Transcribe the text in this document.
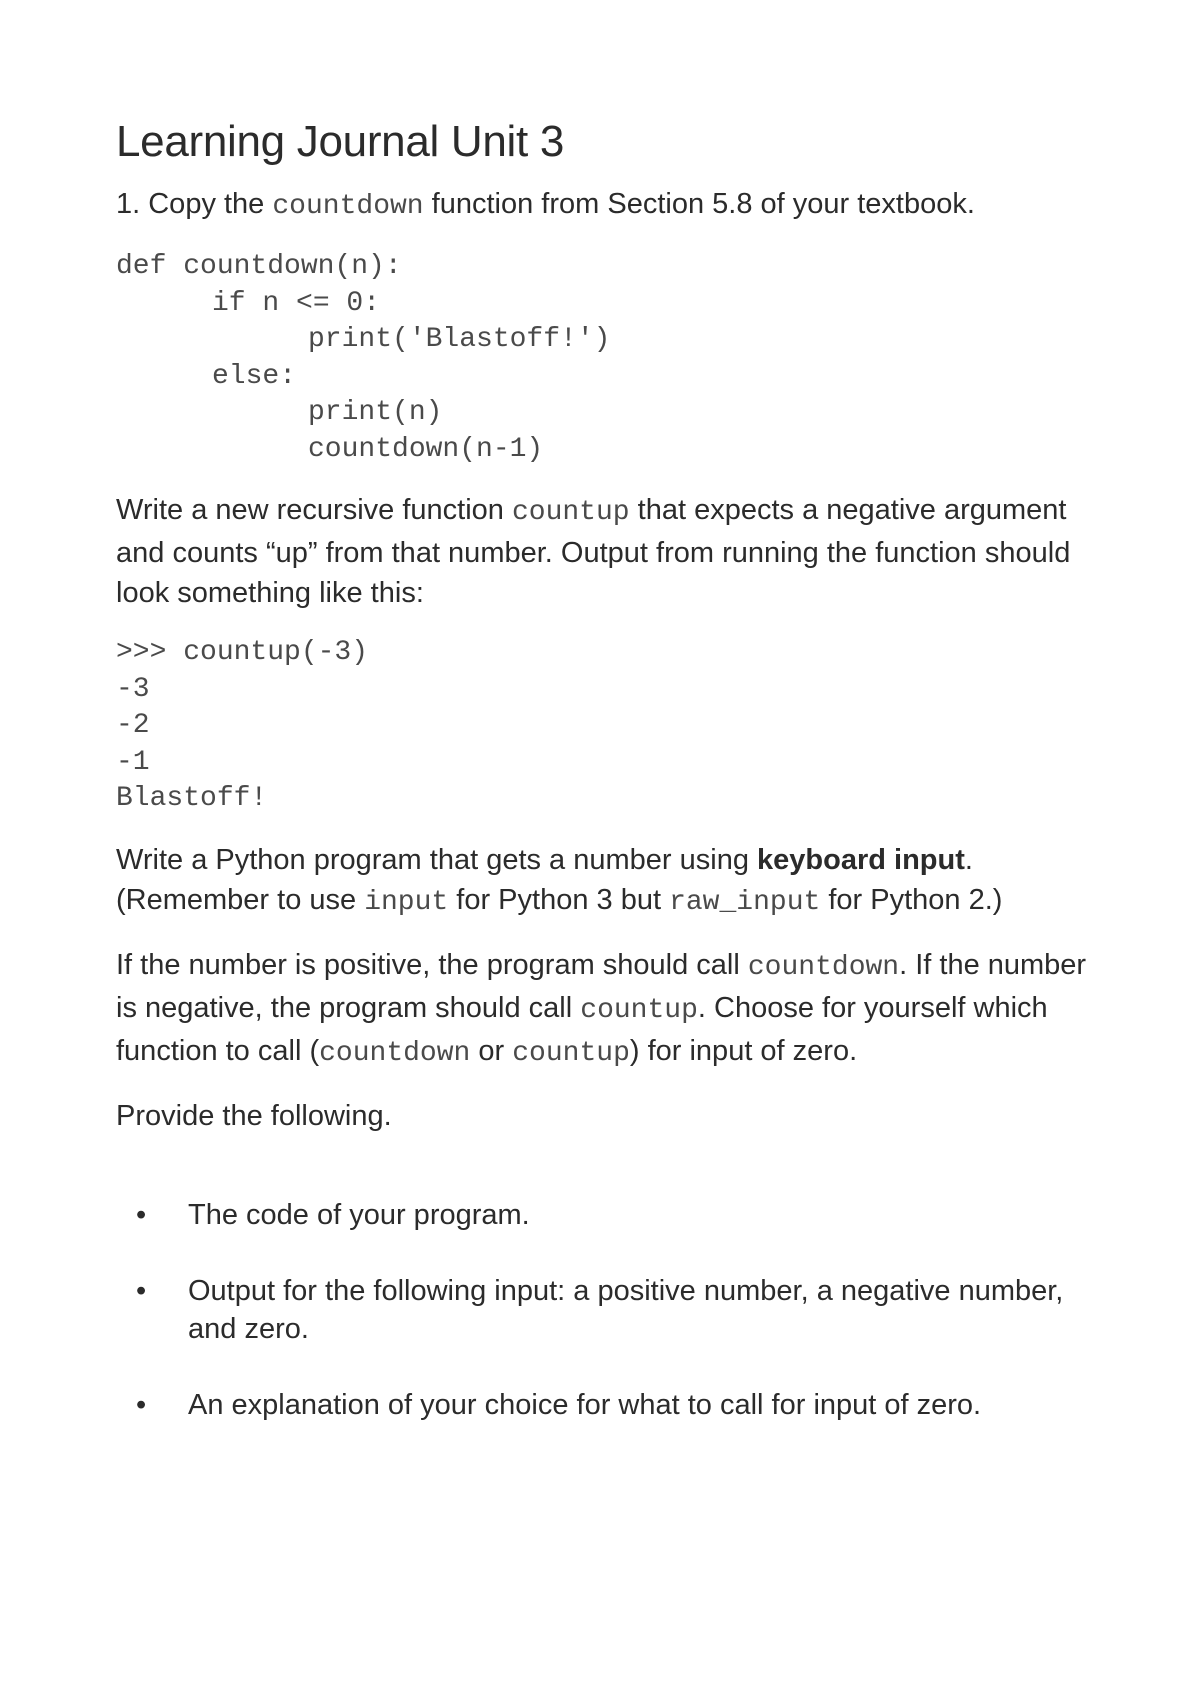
Learning Journal Unit 3

1. Copy the countdown function from Section 5.8 of your textbook.

def countdown(n):
if n <= 0:
print('Blastoff!')
else:
print(n)
countdown(n-1)

Write a new recursive function countup that expects a negative argument and counts “up” from that number. Output from running the function should look something like this:

>>> countup(-3)
-3
-2
-1
Blastoff!

Write a Python program that gets a number using keyboard input. (Remember to use input for Python 3 but raw_input for Python 2.)

If the number is positive, the program should call countdown. If the number is negative, the program should call countup. Choose for yourself which function to call (countdown or countup) for input of zero.

Provide the following.

• The code of your program.
• Output for the following input: a positive number, a negative number, and zero.
• An explanation of your choice for what to call for input of zero.
